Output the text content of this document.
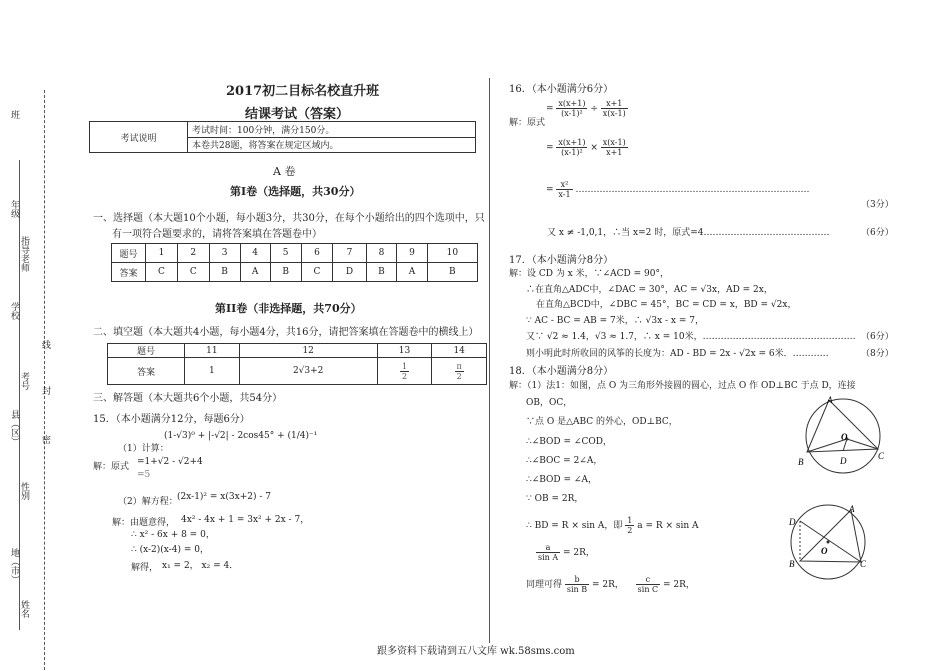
班
年级
指导老师
学校
线
考号
封
县（区） 密
性别
地（市）
姓名
2017初二目标名校直升班
结课考试（答案）
考试说明	考试时间：100分钟，满分150分。
本卷共28题，将答案在规定区域内。
A 卷
第Ⅰ卷（选择题，共30分）
一、选择题（本大题10个小题，每小题3分，共30分，在每个小题给出的四个选项中，只
有一项符合题要求的，请将答案填在答题卷中）
题号	1	2	3	4	5	6	7	8	9	10
答案	C	C	B	A	B	C	D	B	A	B
第II卷（非选择题，共70分）
二、填空题（本大题共4小题，每小题4分，共16分，请把答案填在答题卷中的横线上）
题号	11	12	13	14
答案	1	2√3+2	$\frac{1}{2}$	$\frac{\pi}{2}$
三、解答题（本大题共6个小题，共54分）
15．（本小题满分12分，每题6分）
（1）计算：
(1-√3)⁰ + |-√2| - 2cos45° + (1/4)⁻¹
解：原式 =1+√2 - √2+4
=5
（2）解方程： (2x-1)² = x(3x+2) - 7
解：由题意得， 4x² - 4x + 1 = 3x² + 2x - 7，
∴ x² - 6x + 8 = 0，
∴ (x-2)(x-4) = 0，
解得， x₁ = 2， x₂ = 4．
16．（本小题满分6分）
= $\frac{x(x+1)}{\text{(x-1)²}} \div \frac{x+1}{x(x-1)}$
解：原式
= $\frac{x(x+1)}{\text{(x-1)²}} \times \frac{x(x-1)}{x+1}$
= $\frac{\text{x²}}{x-1}$ ……………………………………………………………………
（3分）
又 x ≠ -1,0,1，∴当 x=2 时，原式=4……………………………………	（6分）
17．（本小题满分8分）
解：设 CD 为 x 米，∵∠ACD = 90°，
∴在直角△ADC中，∠DAC = 30°，AC = √3x，AD = 2x，
在直角△BCD中，∠DBC = 45°，BC = CD = x，BD = √2x，
∵ AC - BC = AB = 7米，∴ √3x - x = 7，
又∵ √2 ≈ 1.4，√3 ≈ 1.7，∴ x = 10米，…………………………………………… （6分）
则小明此时所收回的风筝的长度为：AD - BD = 2x - √2x = 6米．…………	（8分）
18．（本小题满分8分）
解：（1）法1：如图，点 O 为三角形外接圆的圆心，过点 O 作 OD⊥BC 于点 D，连接
OB，OC，
∵点 O 是△ABC 的外心，OD⊥BC，
∴∠BOD = ∠COD，
∴∠BOC = 2∠A，
∴∠BOD = ∠A，
∵ OB = 2R，
∴ BD = R × sin A，即 $\frac{1}{2}$ a = R × sin A
$\frac{a}{\text{sin A}} = 2R$，
同理可得 $\frac{b}{\text{sin B}} = 2R$， $\frac{c}{\text{sin C}} = 2R$，
A
O
B	D	C
A
D
O
B	C
跟多资料下载请到五八文库 wk.58sms.com
